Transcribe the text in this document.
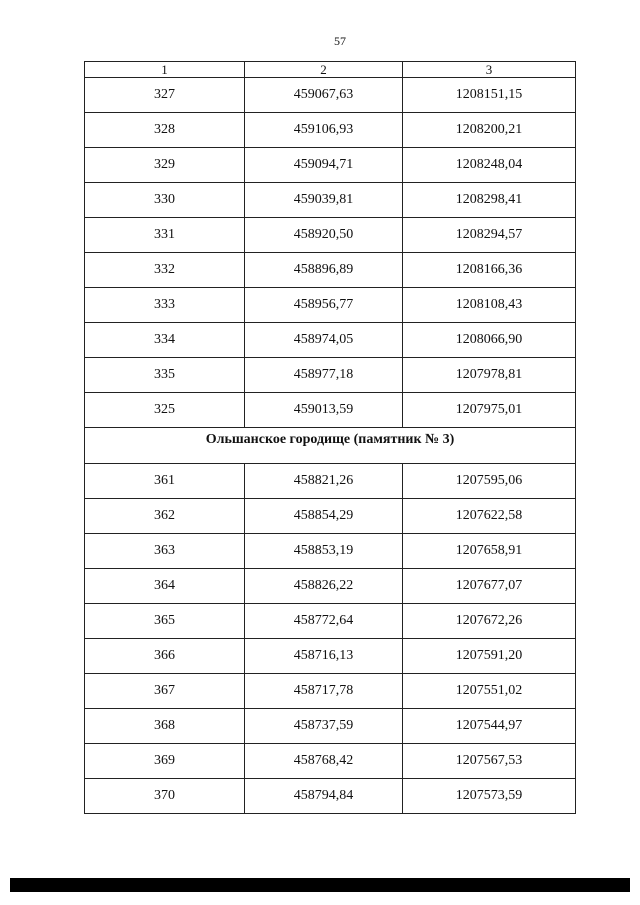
57
1	2	3
327	459067,63	1208151,15
328	459106,93	1208200,21
329	459094,71	1208248,04
330	459039,81	1208298,41
331	458920,50	1208294,57
332	458896,89	1208166,36
333	458956,77	1208108,43
334	458974,05	1208066,90
335	458977,18	1207978,81
325	459013,59	1207975,01
Ольшанское городище (памятник № 3)		
361	458821,26	1207595,06
362	458854,29	1207622,58
363	458853,19	1207658,91
364	458826,22	1207677,07
365	458772,64	1207672,26
366	458716,13	1207591,20
367	458717,78	1207551,02
368	458737,59	1207544,97
369	458768,42	1207567,53
370	458794,84	1207573,59
